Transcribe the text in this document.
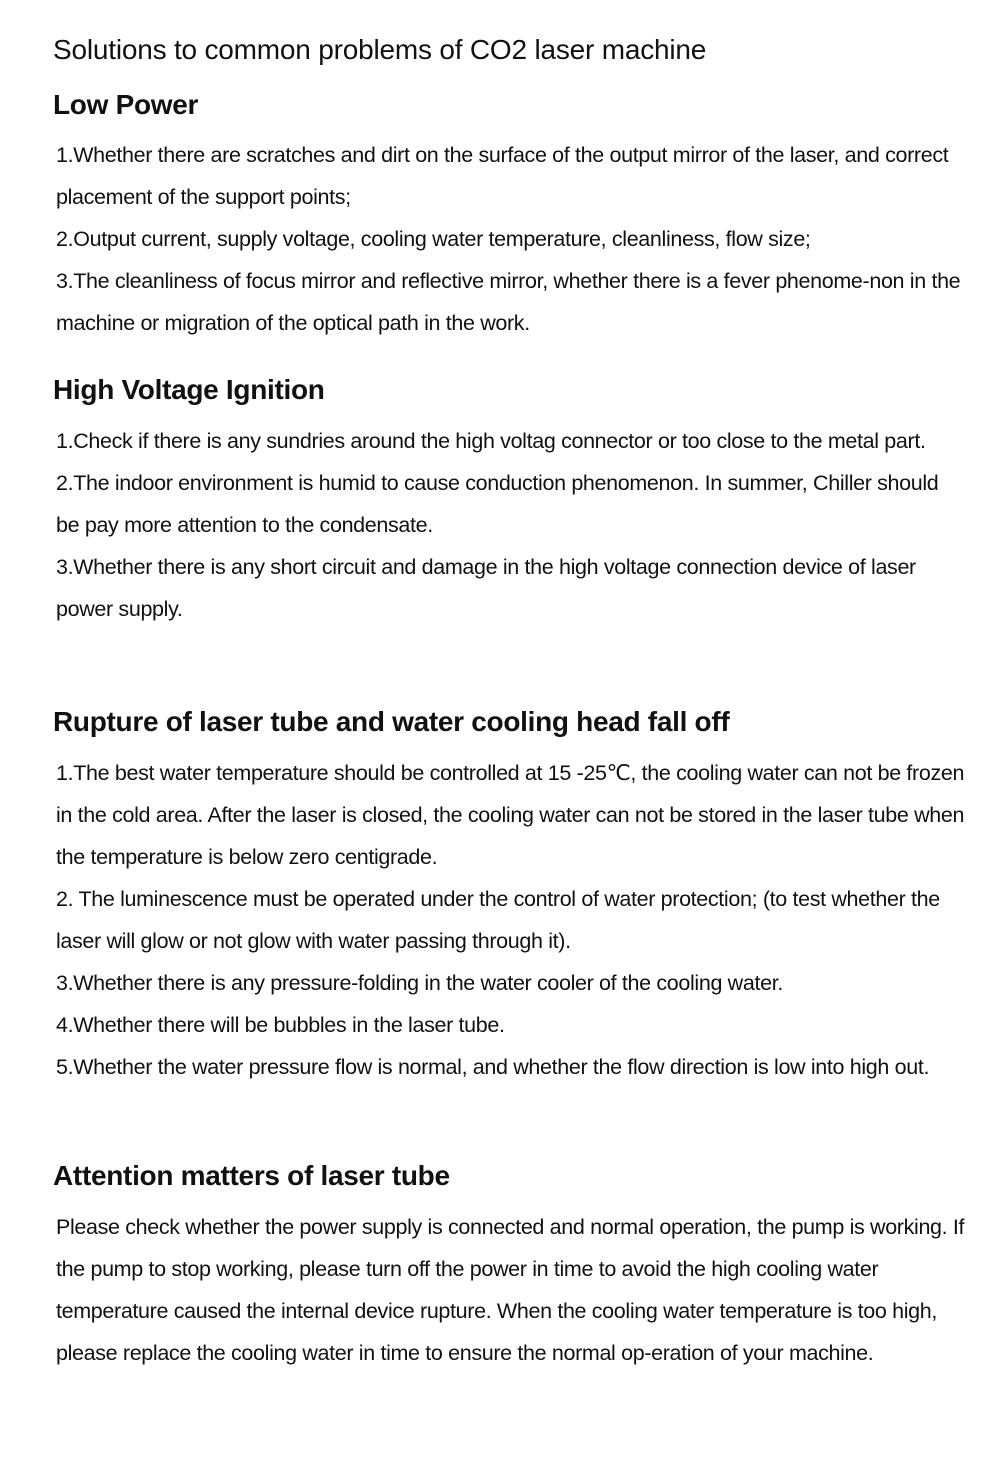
Solutions to common problems of CO2 laser machine
Low Power
1.Whether there are scratches and dirt on the surface of the output mirror of the laser, and correct placement of the support points;
2.Output current, supply voltage, cooling water temperature, cleanliness, flow size;
3.The cleanliness of focus mirror and reflective mirror, whether there is a fever phenome-non in the machine or migration of the optical path in the work.
High Voltage Ignition
1.Check if there is any sundries around the high voltag connector or too close to the metal part.
2.The indoor environment is humid to cause conduction phenomenon. In summer, Chiller should be pay more attention to the condensate.
3.Whether there is any short circuit and damage in the high voltage connection device of laser power supply.
Rupture of laser tube and water cooling head fall off
1.The best water temperature should be controlled at 15 -25℃, the cooling water can not be frozen in the cold area. After the laser is closed, the cooling water can not be stored in the laser tube when the temperature is below zero centigrade.
2. The luminescence must be operated under the control of water protection; (to test whether the laser will glow or not glow with water passing through it).
3.Whether there is any pressure-folding in the water cooler of the cooling water.
4.Whether there will be bubbles in the laser tube.
5.Whether the water pressure flow is normal, and whether the flow direction is low into high out.
Attention matters of laser tube

Please check whether the power supply is connected and normal operation, the pump is working. If the pump to stop working, please turn off the power in time to avoid the high cooling water temperature caused the internal device rupture. When the cooling water temperature is too high, please replace the cooling water in time to ensure the normal op-eration of your machine.
